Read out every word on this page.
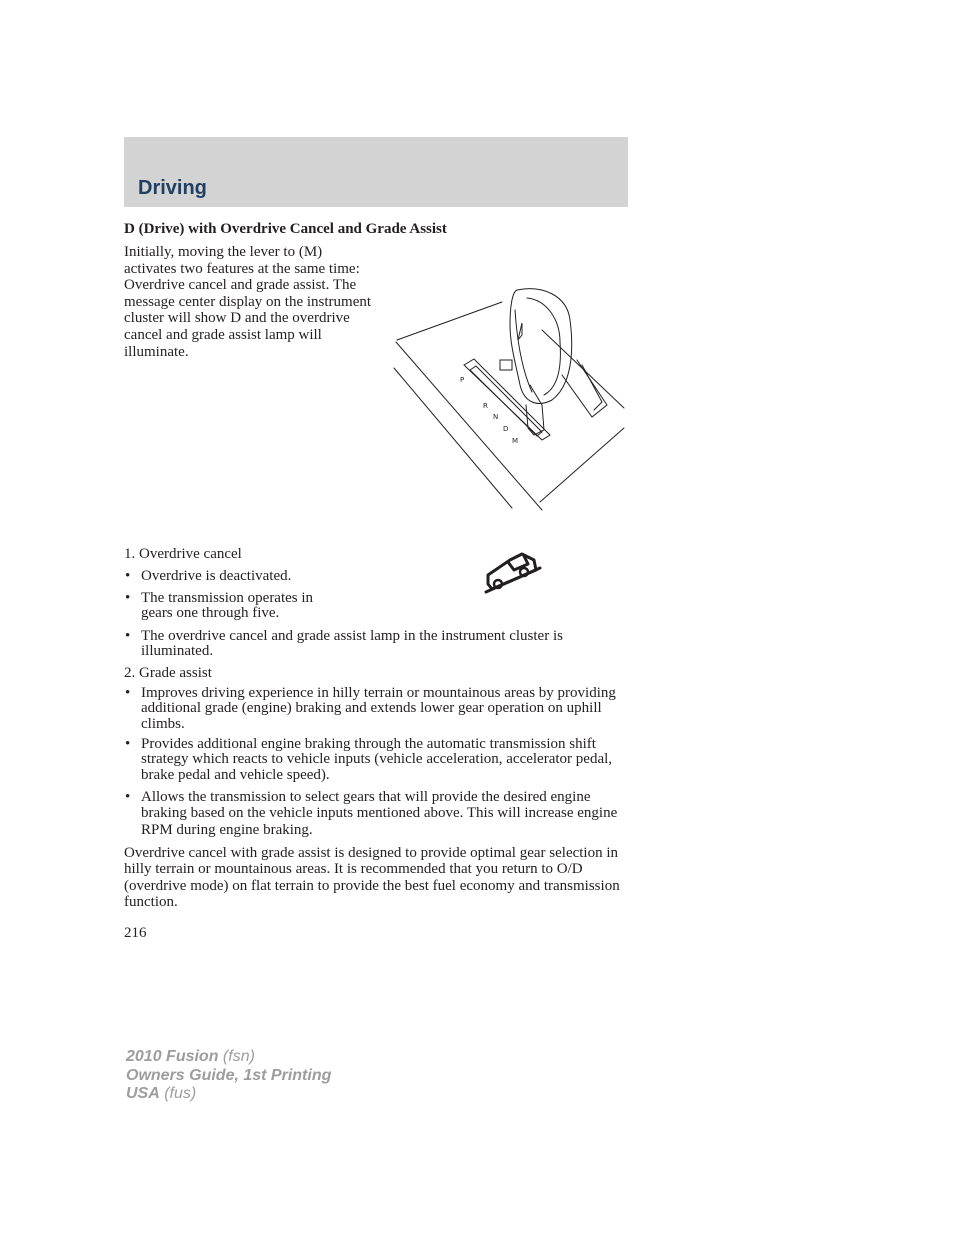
Driving

D (Drive) with Overdrive Cancel and Grade Assist

Initially, moving the lever to (M) activates two features at the same time: Overdrive cancel and grade assist. The message center display on the instrument cluster will show D and the overdrive cancel and grade assist lamp will illuminate.

P
R
N
D
M

1. Overdrive cancel

• Overdrive is deactivated.

• The transmission operates in gears one through five.

• The overdrive cancel and grade assist lamp in the instrument cluster is illuminated.

2. Grade assist

• Improves driving experience in hilly terrain or mountainous areas by providing additional grade (engine) braking and extends lower gear operation on uphill climbs.

• Provides additional engine braking through the automatic transmission shift strategy which reacts to vehicle inputs (vehicle acceleration, accelerator pedal, brake pedal and vehicle speed).

• Allows the transmission to select gears that will provide the desired engine braking based on the vehicle inputs mentioned above. This will increase engine RPM during engine braking.

Overdrive cancel with grade assist is designed to provide optimal gear selection in hilly terrain or mountainous areas. It is recommended that you return to O/D (overdrive mode) on flat terrain to provide the best fuel economy and transmission function.

216

2010 Fusion (fsn)
Owners Guide, 1st Printing
USA (fus)
